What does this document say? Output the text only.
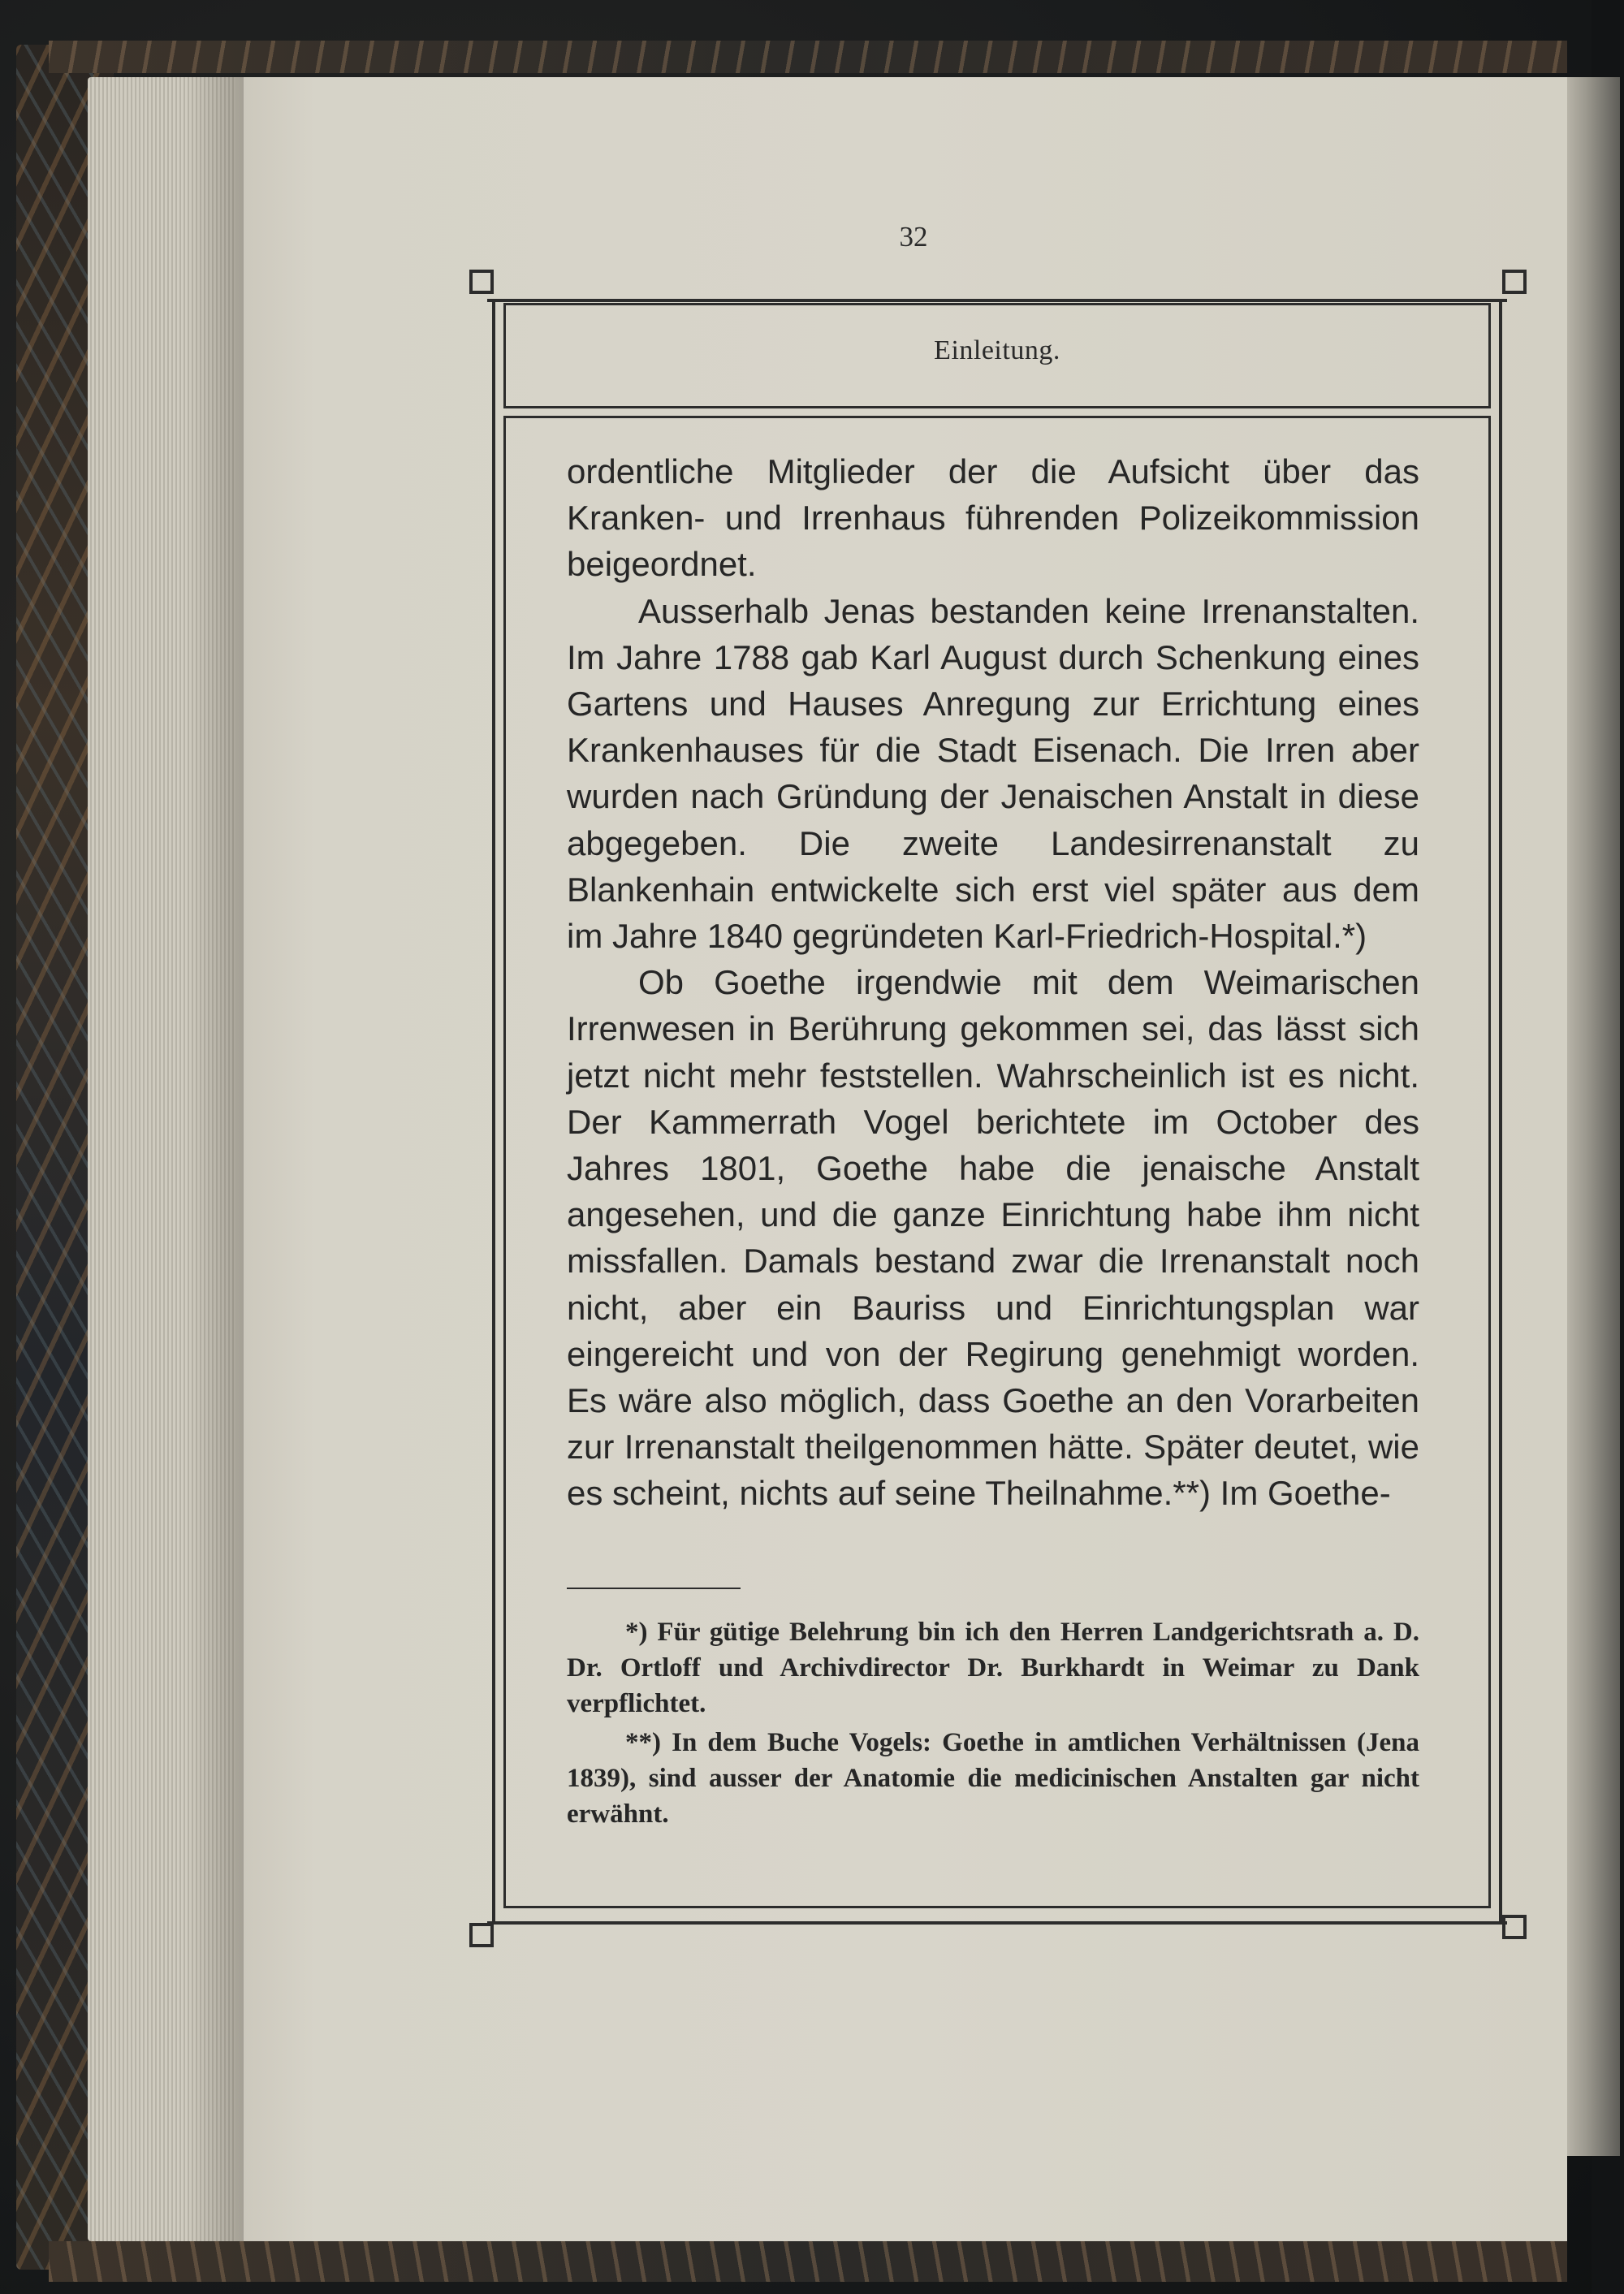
32
Einleitung.

ordentliche Mitglieder der die Aufsicht über das Kranken- und Irrenhaus führenden Polizeikommission beigeordnet.

Ausserhalb Jenas bestanden keine Irrenanstalten. Im Jahre 1788 gab Karl August durch Schenkung eines Gartens und Hauses Anregung zur Errichtung eines Krankenhauses für die Stadt Eisenach. Die Irren aber wurden nach Gründung der Jenaischen Anstalt in diese abgegeben. Die zweite Landesirrenanstalt zu Blankenhain entwickelte sich erst viel später aus dem im Jahre 1840 gegründeten Karl-Friedrich-Hospital.*)

Ob Goethe irgendwie mit dem Weimarischen Irrenwesen in Berührung gekommen sei, das lässt sich jetzt nicht mehr feststellen. Wahrscheinlich ist es nicht. Der Kammerrath Vogel berichtete im October des Jahres 1801, Goethe habe die jenaische Anstalt angesehen, und die ganze Einrichtung habe ihm nicht missfallen. Damals bestand zwar die Irrenanstalt noch nicht, aber ein Bauriss und Einrichtungsplan war eingereicht und von der Regirung genehmigt worden. Es wäre also möglich, dass Goethe an den Vorarbeiten zur Irrenanstalt theilgenommen hätte. Später deutet, wie es scheint, nichts auf seine Theilnahme.**) Im Goethe-

*) Für gütige Belehrung bin ich den Herren Landgerichtsrath a. D. Dr. Ortloff und Archivdirector Dr. Burkhardt in Weimar zu Dank verpflichtet.

**) In dem Buche Vogels: Goethe in amtlichen Verhältnissen (Jena 1839), sind ausser der Anatomie die medicinischen Anstalten gar nicht erwähnt.
